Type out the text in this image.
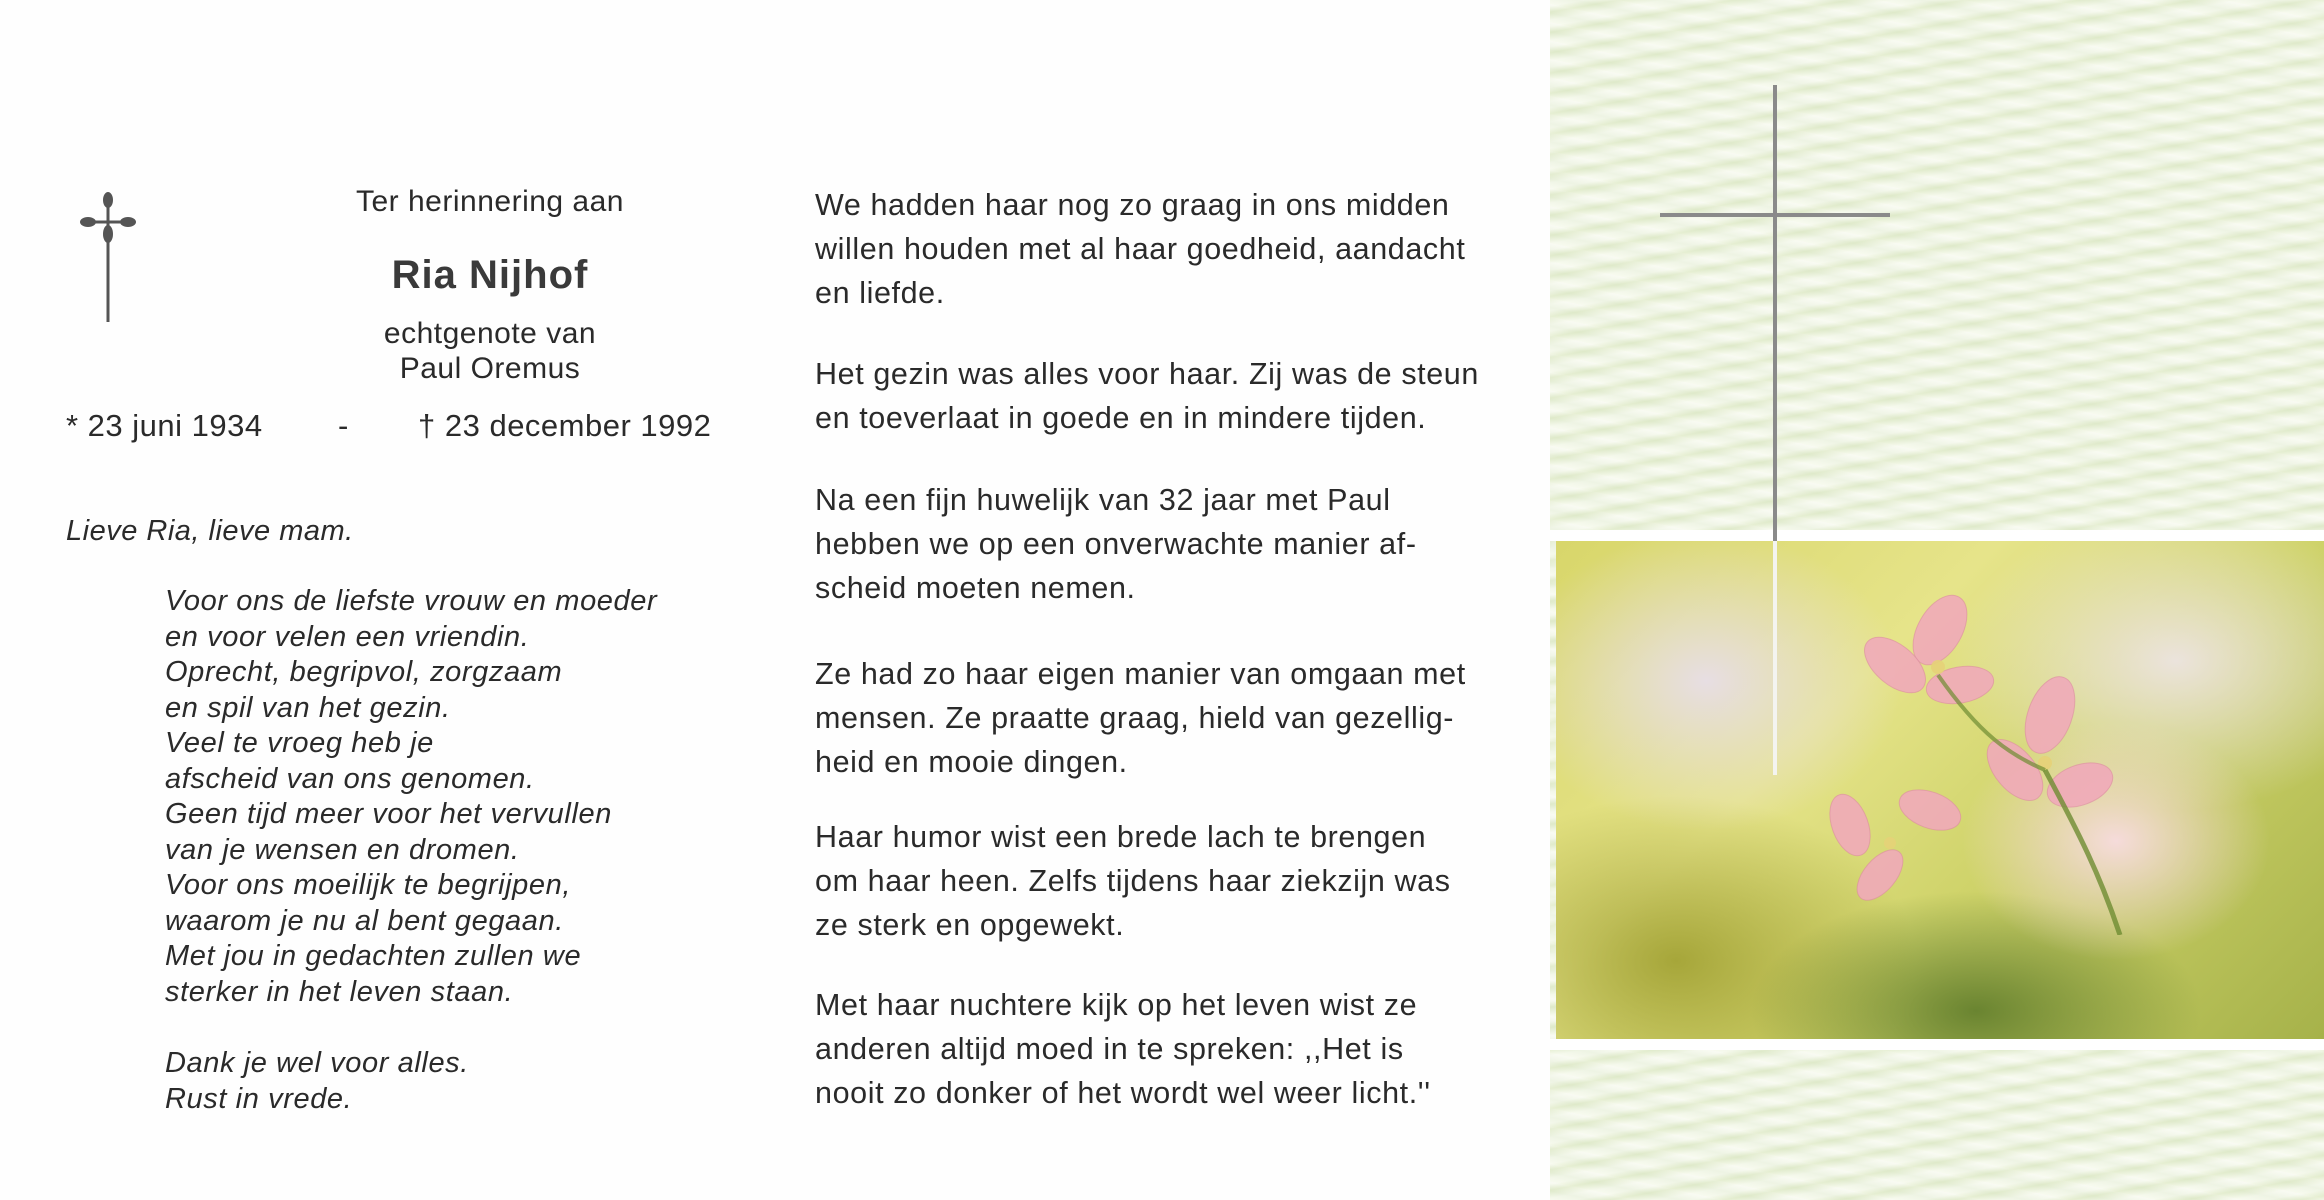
Ter herinnering aan
Ria Nijhof
echtgenote van
Paul Oremus
* 23 juni 1934 - † 23 december 1992
Lieve Ria, lieve mam.
Voor ons de liefste vrouw en moeder
en voor velen een vriendin.
Oprecht, begripvol, zorgzaam
en spil van het gezin.
Veel te vroeg heb je
afscheid van ons genomen.
Geen tijd meer voor het vervullen
van je wensen en dromen.
Voor ons moeilijk te begrijpen,
waarom je nu al bent gegaan.
Met jou in gedachten zullen we
sterker in het leven staan.
Dank je wel voor alles.
Rust in vrede.
We hadden haar nog zo graag in ons midden
willen houden met al haar goedheid, aandacht
en liefde.
Het gezin was alles voor haar. Zij was de steun
en toeverlaat in goede en in mindere tijden.
Na een fijn huwelijk van 32 jaar met Paul
hebben we op een onverwachte manier af-
scheid moeten nemen.
Ze had zo haar eigen manier van omgaan met
mensen. Ze praatte graag, hield van gezellig-
heid en mooie dingen.
Haar humor wist een brede lach te brengen
om haar heen. Zelfs tijdens haar ziekzijn was
ze sterk en opgewekt.
Met haar nuchtere kijk op het leven wist ze
anderen altijd moed in te spreken: ,,Het is
nooit zo donker of het wordt wel weer licht.''
